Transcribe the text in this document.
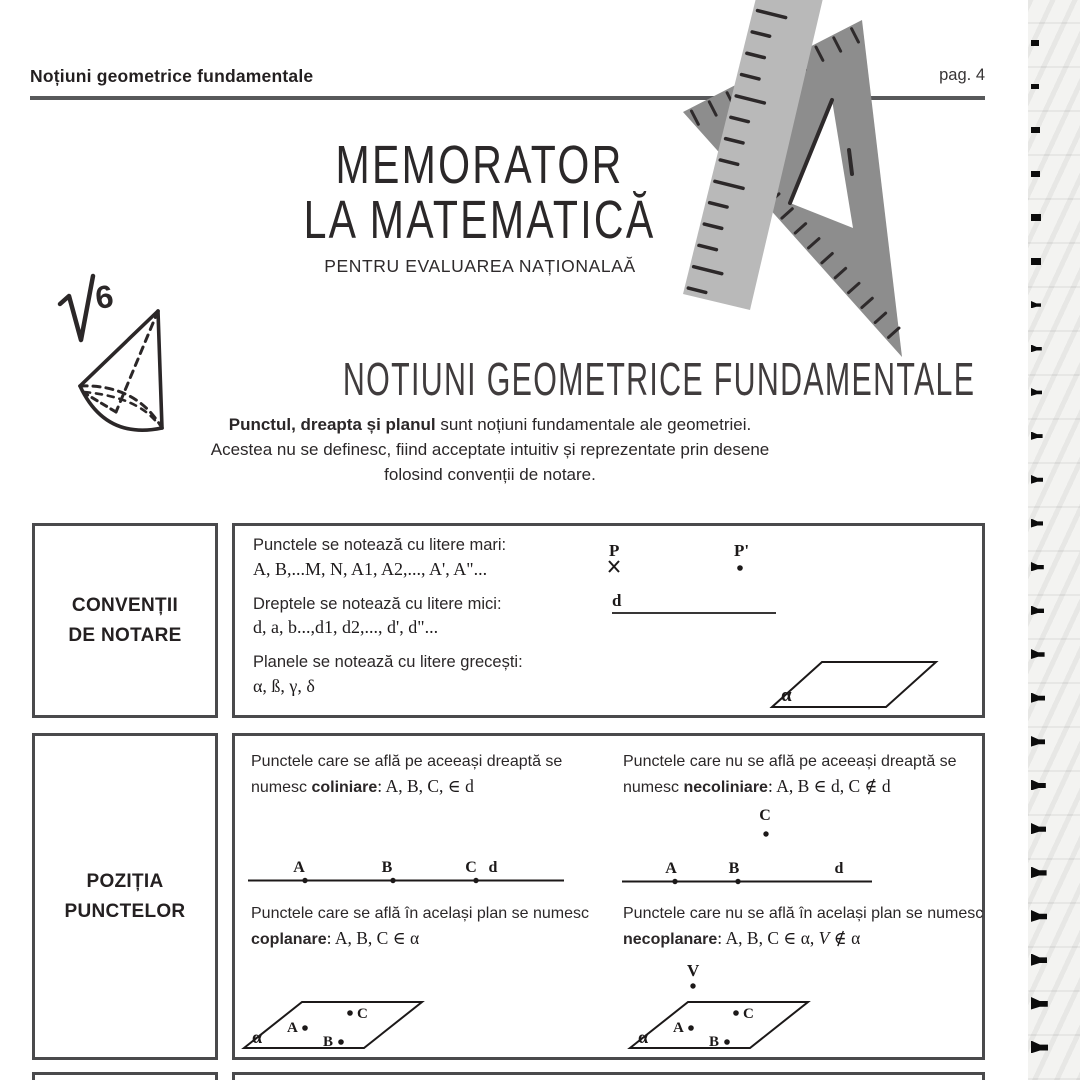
Noțiuni geometrice fundamentale	pag. 4
MEMORATOR
LA MATEMATICĂ
PENTRU EVALUAREA NAȚIONALAĂ
6
NOTIUNI GEOMETRICE FUNDAMENTALE
Punctul, dreapta și planul sunt noțiuni fundamentale ale geometriei.
Acestea nu se definesc, fiind acceptate intuitiv și reprezentate prin desene
folosind convenții de notare.
CONVENȚII
DE NOTARE
Punctele se notează cu litere mari:
A, B,...M, N, A1, A2,..., A', A"...
Dreptele se notează cu litere mici:
d, a, b...,d1, d2,..., d', d"...
Planele se notează cu litere grecești:
α, ß, γ, δ
P	P'
d
α
POZIȚIA
PUNCTELOR
Punctele care se află pe aceeași dreaptă se numesc coliniare: A, B, C, ∈ d
Punctele care nu se află pe aceeași dreaptă se numesc necoliniare: A, B ∈ d, C ∉ d
Punctele care se află în același plan se numesc coplanare: A, B, C ∈ α
Punctele care nu se află în același plan se numesc necoplanare: A, B, C ∈ α, V ∉ α
A	B	C d
C
A	B	d
α A
B
C
V
α A
B
C
